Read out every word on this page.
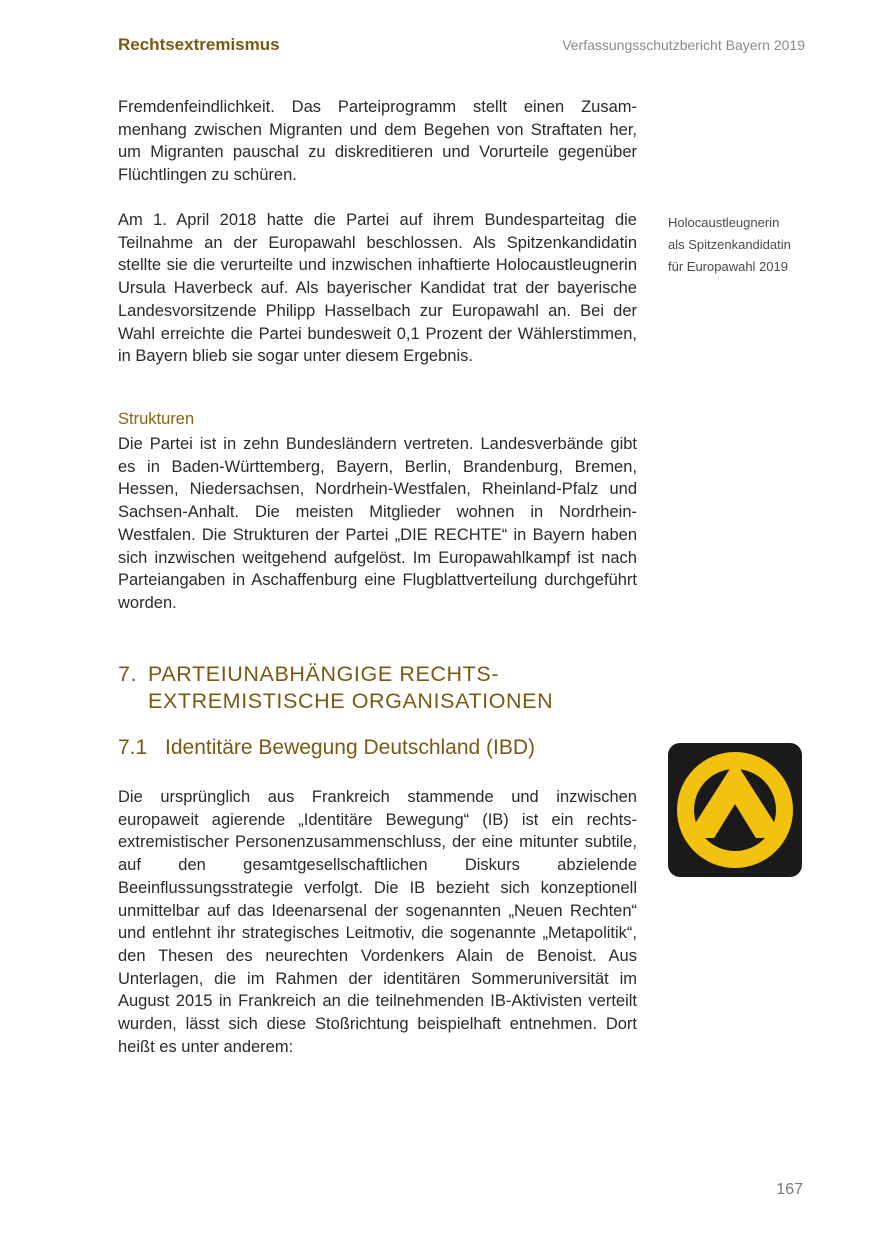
Rechtsextremismus	Verfassungsschutzbericht Bayern 2019

Fremdenfeindlichkeit. Das Parteiprogramm stellt einen Zusammenhang zwischen Migranten und dem Begehen von Straftaten her, um Migranten pauschal zu diskreditieren und Vorurteile gegenüber Flüchtlingen zu schüren.

Am 1. April 2018 hatte die Partei auf ihrem Bundesparteitag die Teilnahme an der Europawahl beschlossen. Als Spitzenkandidatin stellte sie die verurteilte und inzwischen inhaftierte Holocaustleugnerin Ursula Haverbeck auf. Als bayerischer Kandidat trat der bayerische Landesvorsitzende Philipp Hasselbach zur Europawahl an. Bei der Wahl erreichte die Partei bundesweit 0,1 Prozent der Wählerstimmen, in Bayern blieb sie sogar unter diesem Ergebnis.

Holocaustleugnerin
als Spitzenkandidatin
für Europawahl 2019
Strukturen

Die Partei ist in zehn Bundesländern vertreten. Landesverbände gibt es in Baden-Württemberg, Bayern, Berlin, Brandenburg, Bremen, Hessen, Niedersachsen, Nordrhein-Westfalen, Rheinland-Pfalz und Sachsen-Anhalt. Die meisten Mitglieder wohnen in Nordrhein-Westfalen. Die Strukturen der Partei „DIE RECHTE“ in Bayern haben sich inzwischen weitgehend aufgelöst. Im Europawahlkampf ist nach Parteiangaben in Aschaffenburg eine Flugblattverteilung durchgeführt worden.

7. PARTEIUNABHÄNGIGE RECHTS-
EXTREMISTISCHE ORGANISATIONEN
7.1 Identitäre Bewegung Deutschland (IBD)

Die ursprünglich aus Frankreich stammende und inzwischen europaweit agierende „Identitäre Bewegung“ (IB) ist ein rechtsextremistischer Personenzusammenschluss, der eine mitunter subtile, auf den gesamtgesellschaftlichen Diskurs abzielende Beeinflussungsstrategie verfolgt. Die IB bezieht sich konzeptionell unmittelbar auf das Ideenarsenal der sogenannten „Neuen Rechten“ und entlehnt ihr strategisches Leitmotiv, die sogenannte „Metapolitik“, den Thesen des neurechten Vordenkers Alain de Benoist. Aus Unterlagen, die im Rahmen der identitären Sommeruniversität im August 2015 in Frankreich an die teilnehmenden IB-Aktivisten verteilt wurden, lässt sich diese Stoßrichtung beispielhaft entnehmen. Dort heißt es unter anderem:

167
